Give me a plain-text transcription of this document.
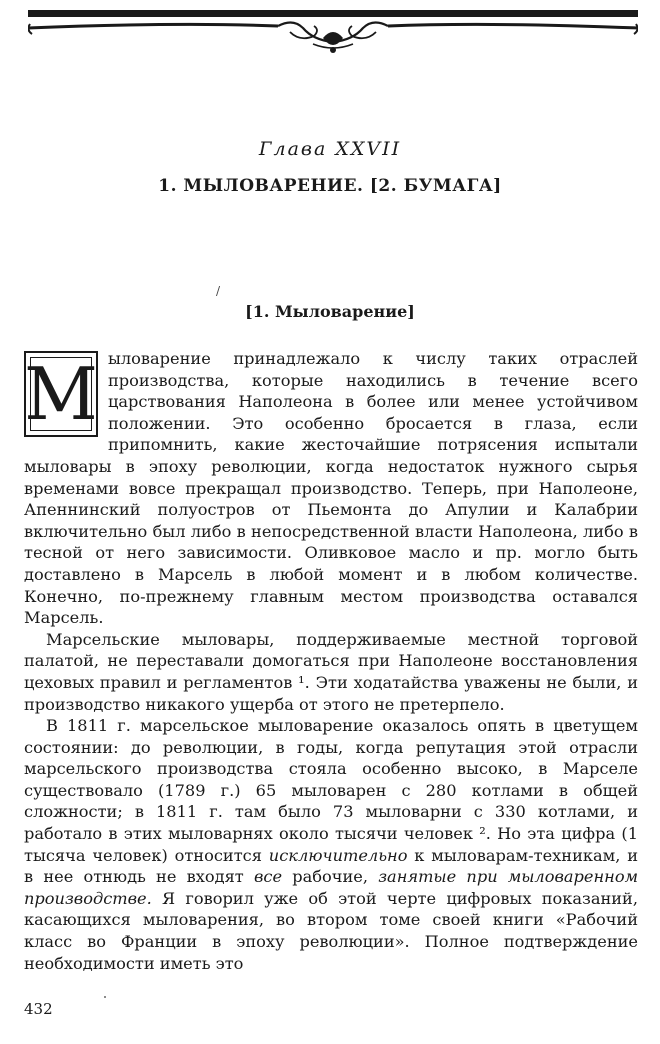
Глава XXVII
1. МЫЛОВАРЕНИЕ. [2. БУМАГА]
/
[1. Мыловарение]

М ыловарение принадлежало к числу таких отраслей производства, которые находились в течение всего царствования Наполеона в более или менее устойчивом положении. Это особенно бросается в глаза, если припомнить, какие жесточайшие потрясения испытали мыловары в эпоху революции, когда недостаток нужного сырья временами вовсе прекращал производство. Теперь, при Наполеоне, Апеннинский полуостров от Пьемонта до Апулии и Калабрии включительно был либо в непосредственной власти Наполеона, либо в тесной от него зависимости. Оливковое масло и пр. могло быть доставлено в Марсель в любой момент и в любом количестве. Конечно, по-прежнему главным местом производства оставался Марсель.

Марсельские мыловары, поддерживаемые местной торговой палатой, не переставали домогаться при Наполеоне восстановления цеховых правил и регламентов ¹. Эти ходатайства уважены не были, и производство никакого ущерба от этого не претерпело.

В 1811 г. марсельское мыловарение оказалось опять в цветущем состоянии: до революции, в годы, когда репутация этой отрасли марсельского производства стояла особенно высоко, в Марселе существовало (1789 г.) 65 мыловарен с 280 котлами в общей сложности; в 1811 г. там было 73 мыловарни с 330 котлами, и работало в этих мыловарнях около тысячи человек ². Но эта цифра (1 тысяча человек) относится исключительно к мыловарам-техникам, и в нее отнюдь не входят все рабочие, занятые при мыловаренном производстве. Я говорил уже об этой черте цифровых показаний, касающихся мыловарения, во втором томе своей книги «Рабочий класс во Франции в эпоху революции». Полное подтверждение необходимости иметь это

432
